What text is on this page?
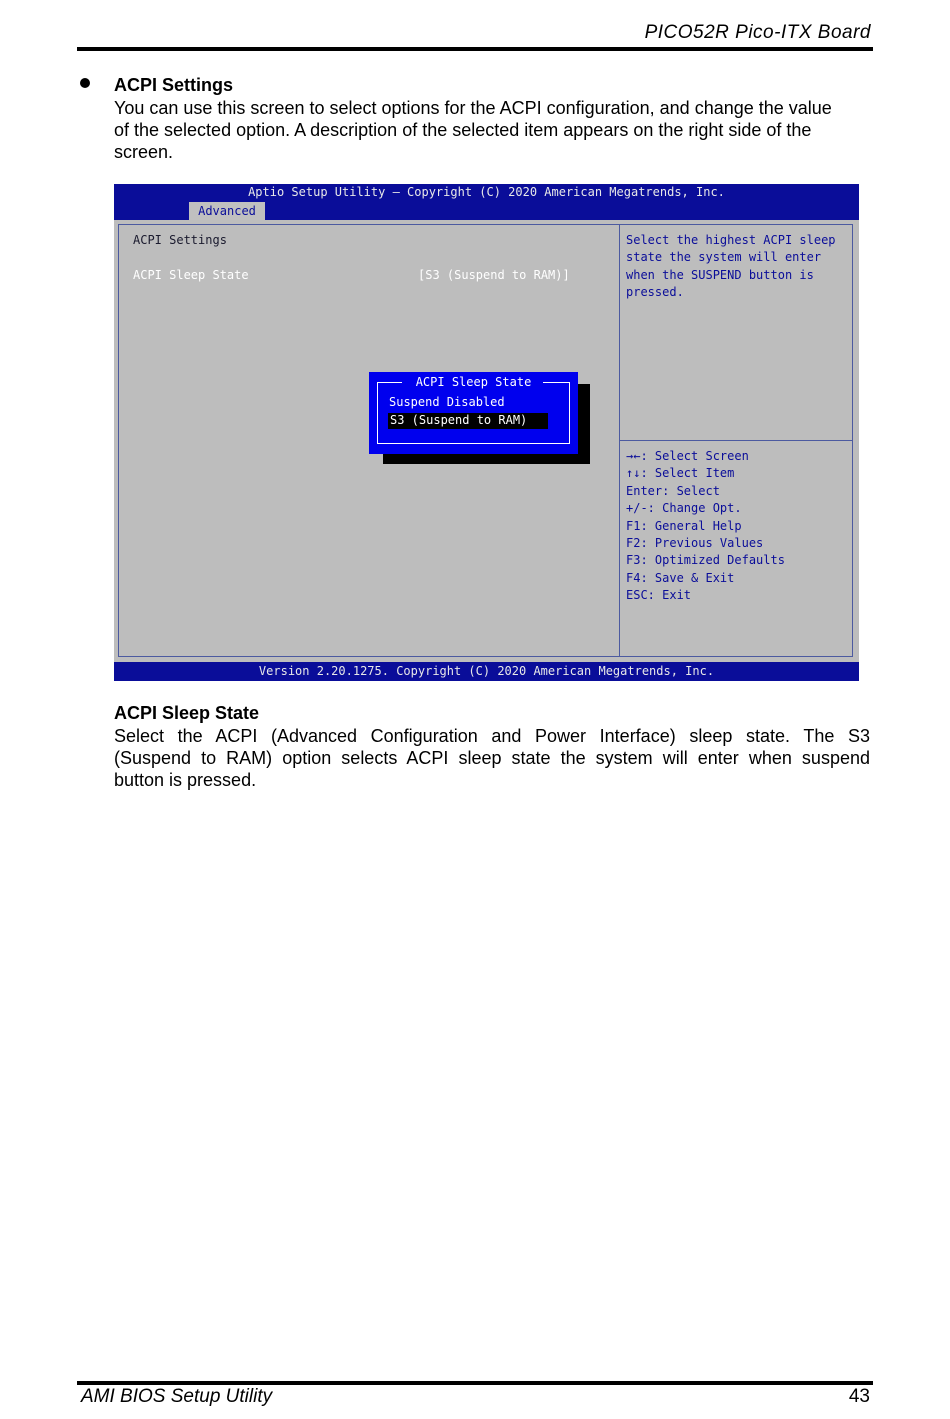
PICO52R Pico-ITX Board
ACPI Settings
You can use this screen to select options for the ACPI configuration, and change the value
of the selected option. A description of the selected item appears on the right side of the
screen.
Aptio Setup Utility – Copyright (C) 2020 American Megatrends, Inc.
Advanced
ACPI Settings
ACPI Sleep State	[S3 (Suspend to RAM)]
Select the highest ACPI sleep
state the system will enter
when the SUSPEND button is
pressed.
→←: Select Screen
↑↓: Select Item
Enter: Select
+/-: Change Opt.
F1: General Help
F2: Previous Values
F3: Optimized Defaults
F4: Save & Exit
ESC: Exit
ACPI Sleep State
Suspend Disabled
S3 (Suspend to RAM)
Version 2.20.1275. Copyright (C) 2020 American Megatrends, Inc.
ACPI Sleep State
Select the ACPI (Advanced Configuration and Power Interface) sleep state. The S3
(Suspend to RAM) option selects ACPI sleep state the system will enter when suspend
button is pressed.
AMI BIOS Setup Utility	43
